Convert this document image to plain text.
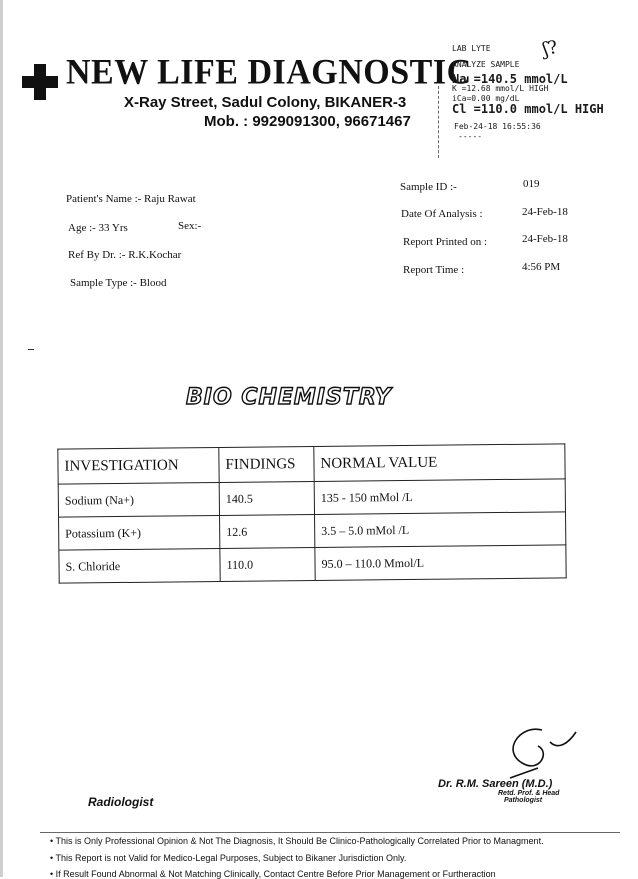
NEW LIFE DIAGNOSTIC
X-Ray Street, Sadul Colony, BIKANER-3
Mob. : 9929091300, 96671467
ʃ?
LAB LYTE
ANALYZE SAMPLE
Na =140.5 mmol/L
K =12.68 mmol/L HIGH
iCa=0.00 mg/dL
Cl =110.0 mmol/L HIGH
Feb-24-18 16:55:36
-----
Patient's Name :- Raju Rawat
Age :- 33 Yrs	Sex:-
Ref By Dr. :- R.K.Kochar
Sample Type :- Blood
Sample ID :-	019
Date Of Analysis :	24-Feb-18
Report Printed on :	24-Feb-18
Report Time :	4:56 PM
BIO CHEMISTRY
INVESTIGATION	FINDINGS	NORMAL VALUE
Sodium (Na+)	140.5	135 - 150 mMol /L
Potassium (K+)	12.6	3.5 – 5.0 mMol /L
S. Chloride	110.0	95.0 – 110.0 Mmol/L
Dr. R.M. Sareen (M.D.)
Retd. Prof. & Head
Pathologist
Radiologist
• This is Only Professional Opinion & Not The Diagnosis, It Should Be Clinico-Pathologically Correlated Prior to Managment.
• This Report is not Valid for Medico-Legal Purposes, Subject to Bikaner Jurisdiction Only.
• If Result Found Abnormal & Not Matching Clinically, Contact Centre Before Prior Management or Furtheraction
